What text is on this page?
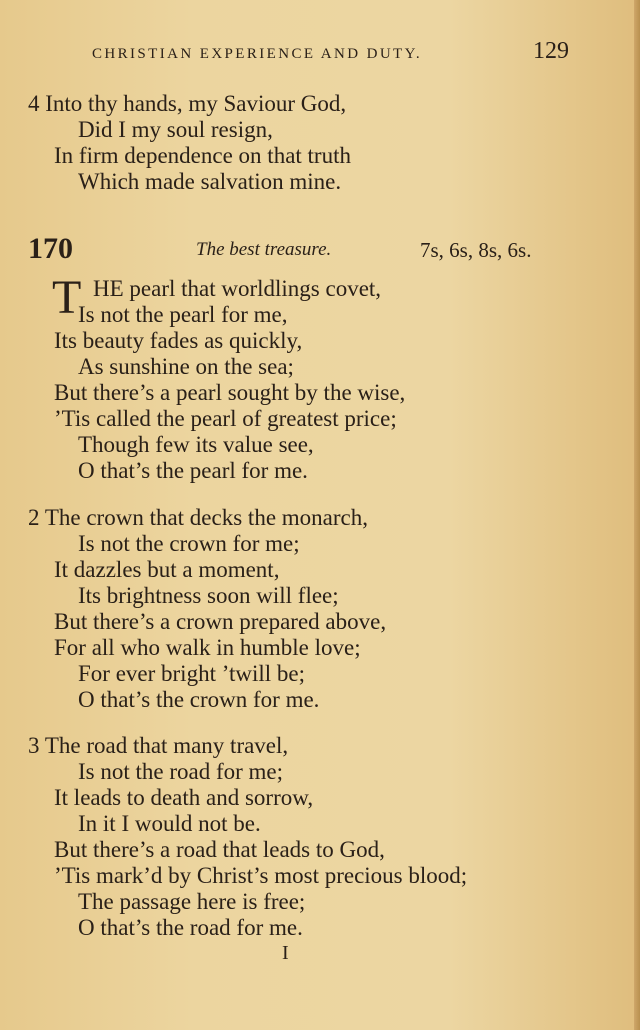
CHRISTIAN EXPERIENCE AND DUTY.	129
4 Into thy hands, my Saviour God,
Did I my soul resign,
In firm dependence on that truth
Which made salvation mine.
170	The best treasure.	7s, 6s, 8s, 6s.
T HE pearl that worldlings covet,
Is not the pearl for me,
Its beauty fades as quickly,
As sunshine on the sea;
But there’s a pearl sought by the wise,
’Tis called the pearl of greatest price;
Though few its value see,
O that’s the pearl for me.
2 The crown that decks the monarch,
Is not the crown for me;
It dazzles but a moment,
Its brightness soon will flee;
But there’s a crown prepared above,
For all who walk in humble love;
For ever bright ’twill be;
O that’s the crown for me.
3 The road that many travel,
Is not the road for me;
It leads to death and sorrow,
In it I would not be.
But there’s a road that leads to God,
’Tis mark’d by Christ’s most precious blood;
The passage here is free;
O that’s the road for me.
I
